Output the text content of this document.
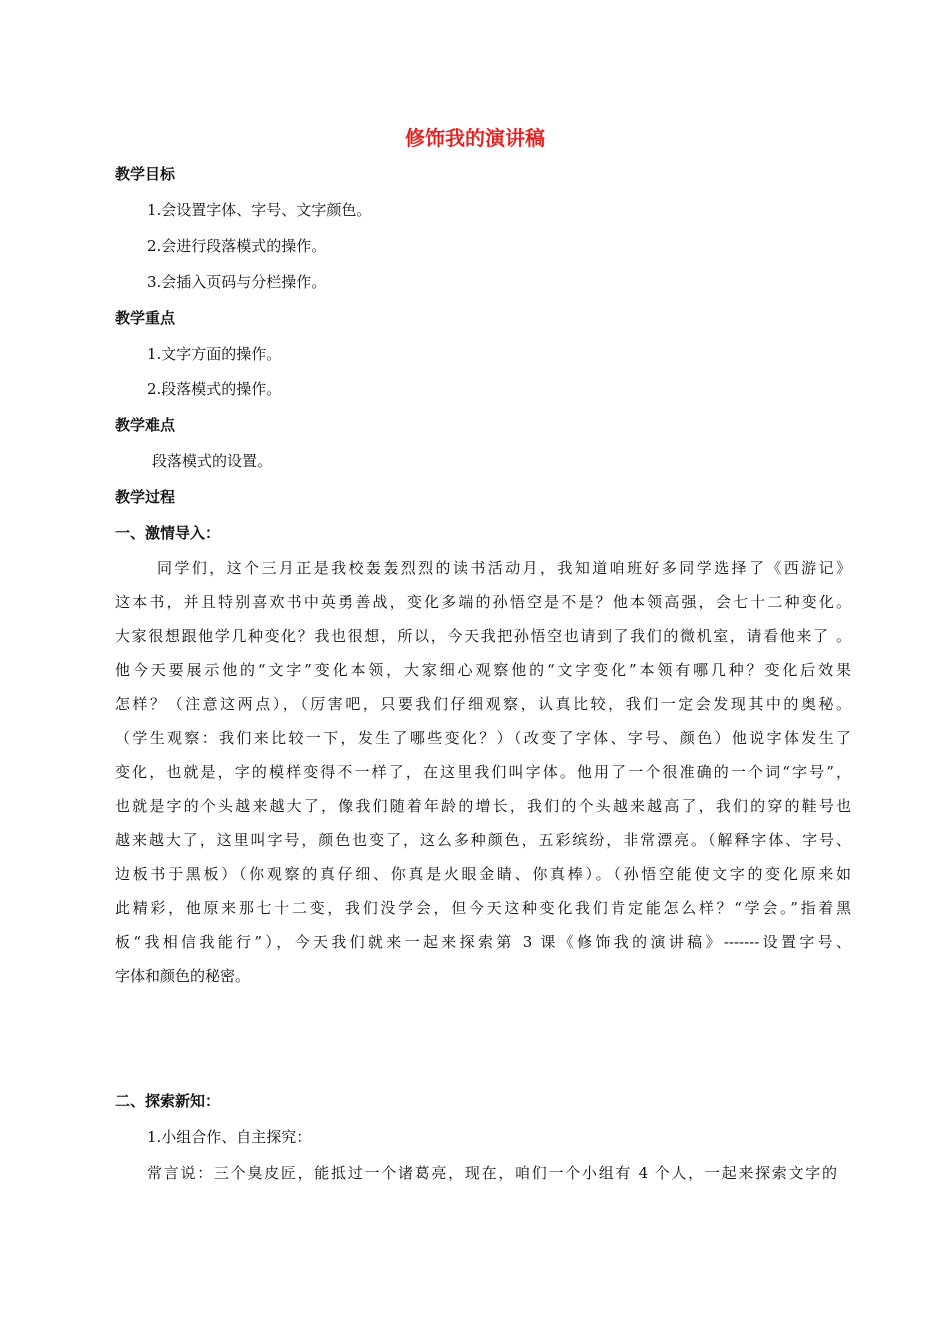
修饰我的演讲稿
教学目标
1.会设置字体、字号、文字颜色。
2.会进行段落模式的操作。
3.会插入页码与分栏操作。
教学重点
1.文字方面的操作。
2.段落模式的操作。
教学难点
段落模式的设置。
教学过程
一、激情导入：
同学们，这个三月正是我校轰轰烈烈的读书活动月，我知道咱班好多同学选择了《西游记》
这本书，并且特别喜欢书中英勇善战，变化多端的孙悟空是不是？他本领高强，会七十二种变化。
大家很想跟他学几种变化？我也很想，所以，今天我把孙悟空也请到了我们的微机室，请看他来了 。
他今天要展示他的“文字”变化本领，大家细心观察他的“文字变化”本领有哪几种？变化后效果
怎样？（注意这两点），（厉害吧，只要我们仔细观察，认真比较，我们一定会发现其中的奥秘。
（学生观察：我们来比较一下，发生了哪些变化？）（改变了字体、字号、颜色）他说字体发生了
变化，也就是，字的模样变得不一样了，在这里我们叫字体。他用了一个很准确的一个词“字号”，
也就是字的个头越来越大了，像我们随着年龄的增长，我们的个头越来越高了，我们的穿的鞋号也
越来越大了，这里叫字号，颜色也变了，这么多种颜色，五彩缤纷，非常漂亮。（解释字体、字号、
边板书于黑板）（你观察的真仔细、你真是火眼金睛、你真棒）。（孙悟空能使文字的变化原来如
此精彩，他原来那七十二变，我们没学会，但今天这种变化我们肯定能怎么样？“学会。”指着黑
板“我相信我能行”），今天我们就来一起来探索第 3 课《修饰我的演讲稿》-------设置字号、
字体和颜色的秘密。
二、探索新知：
1.小组合作、自主探究：
常言说：三个臭皮匠，能抵过一个诸葛亮，现在，咱们一个小组有 4 个人，一起来探索文字的
